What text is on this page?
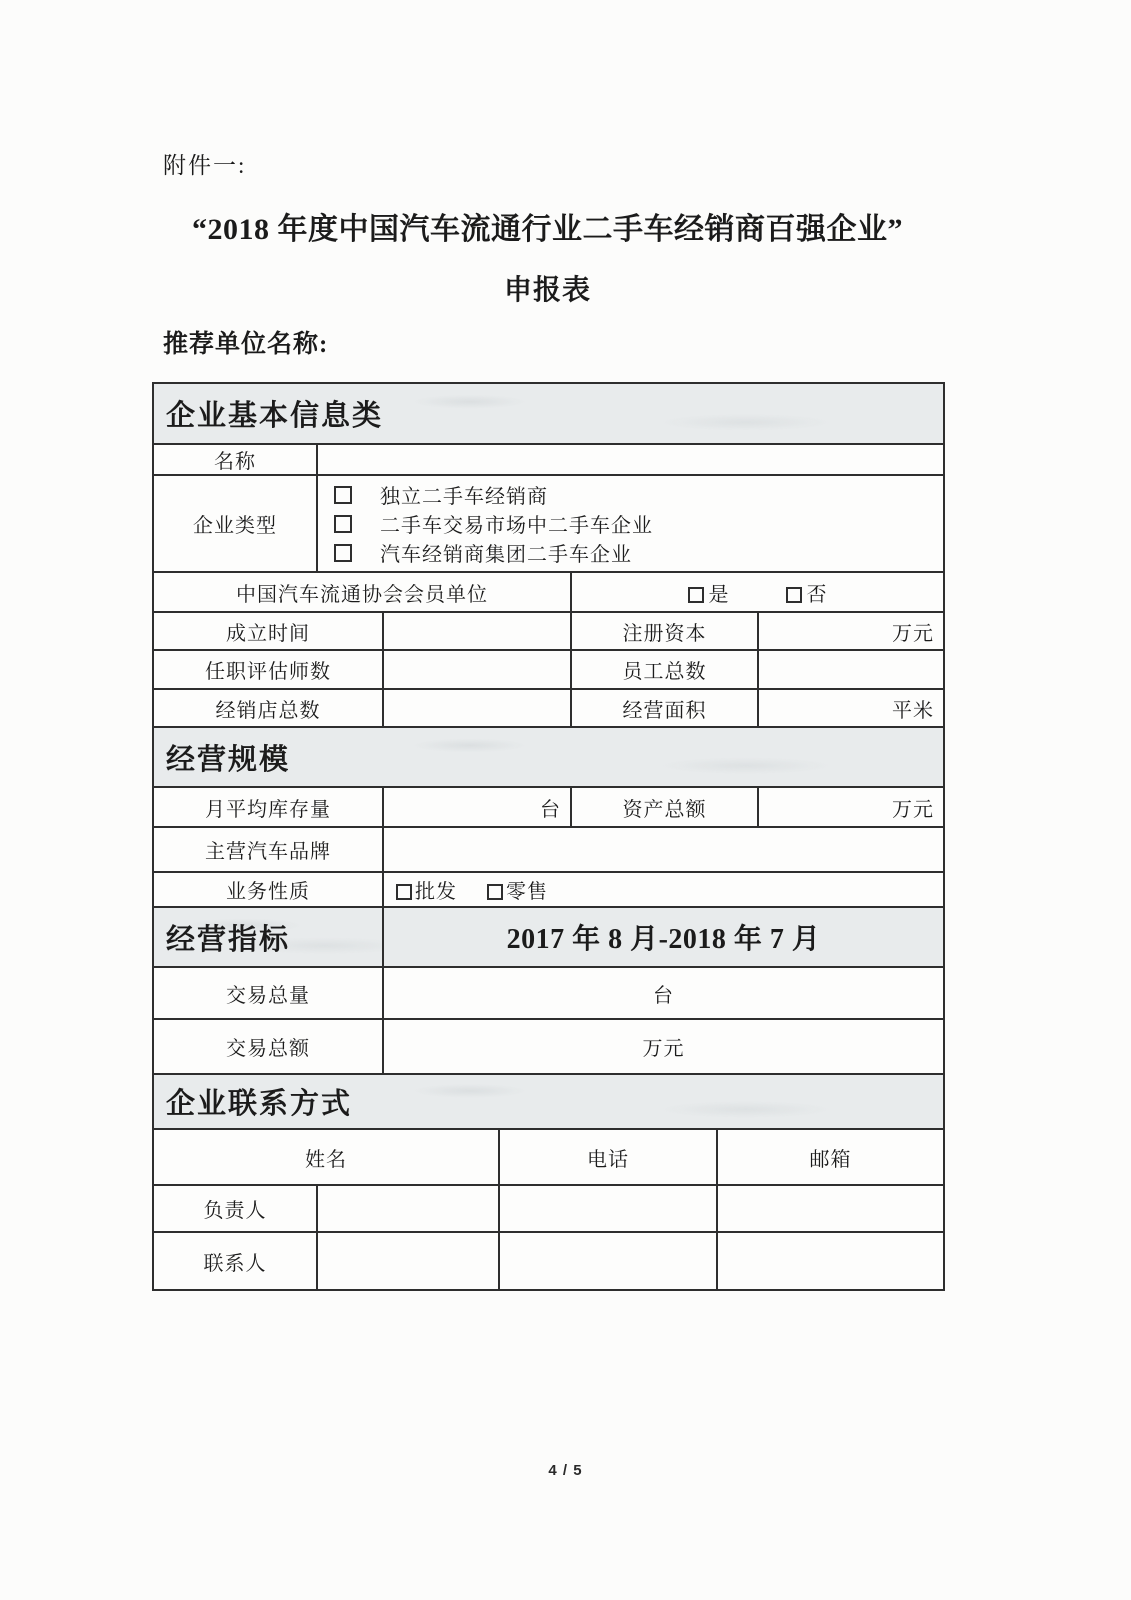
附件一:
“2018 年度中国汽车流通行业二手车经销商百强企业”
申报表
推荐单位名称:
企业基本信息类						
名称						
企业类型	独立二手车经销商
二手车交易市场中二手车企业
汽车经销商集团二手车企业					

中国汽车流通协会会员单位				是 否		
成立时间				注册资本		万元
任职评估师数				员工总数		
经销店总数				经营面积		平米
经营规模						
月平均库存量		台		资产总额		万元
主营汽车品牌						
业务性质		批发 零售				
经营指标		2017 年 8 月-2018 年 7 月				
交易总量		台				
交易总额		万元				
企业联系方式						
姓名			电话		邮箱	
负责人						
联系人						
4 / 5
